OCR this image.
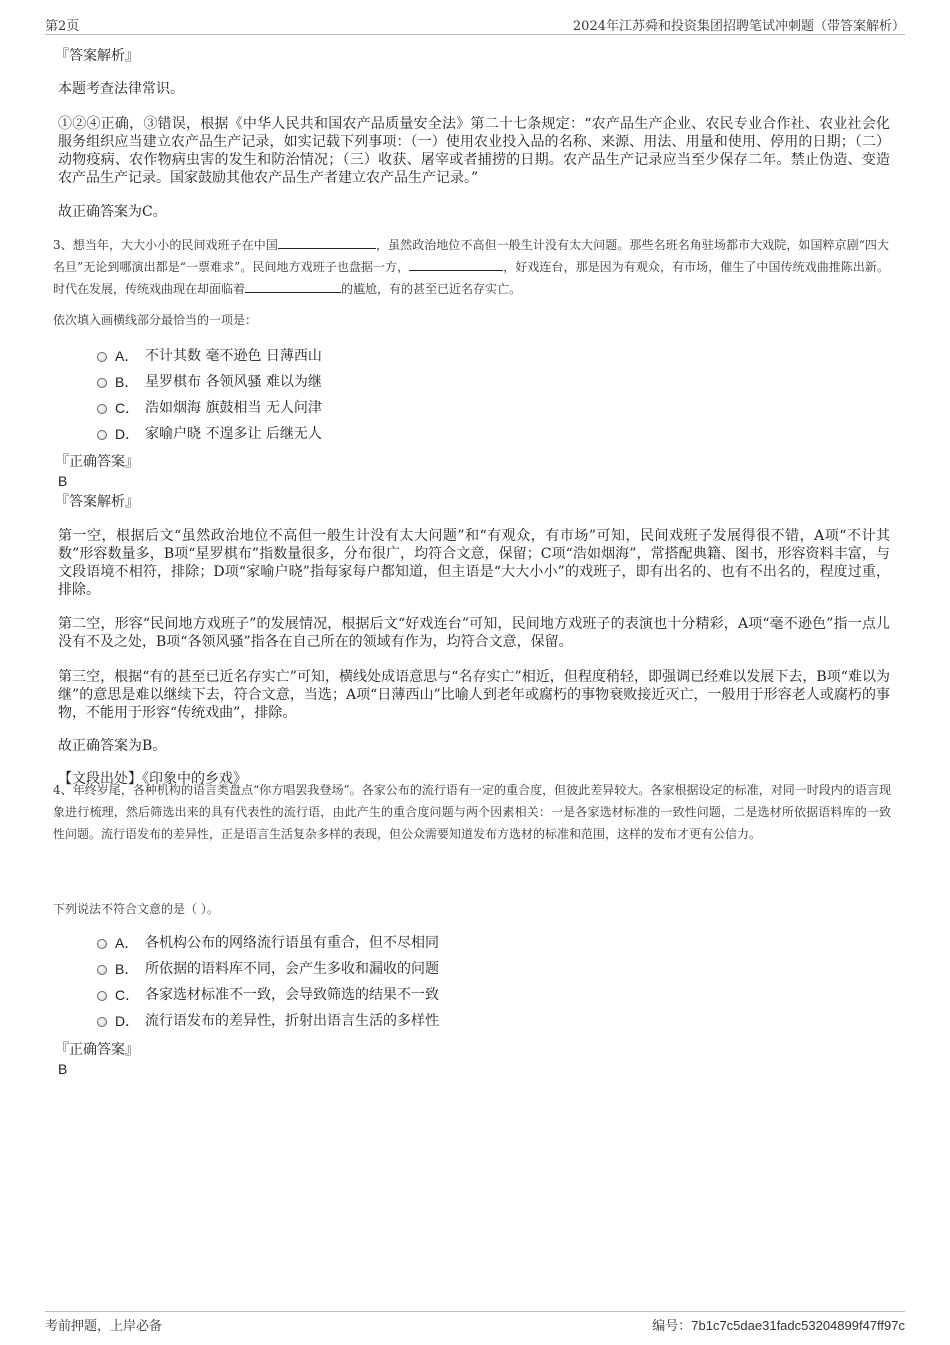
第2页	2024年江苏舜和投资集团招聘笔试冲刺题（带答案解析）
『答案解析』

本题考查法律常识。

①②④正确，③错误，根据《中华人民共和国农产品质量安全法》第二十七条规定：“农产品生产企业、农民专业合作社、农业社会化服务组织应当建立农产品生产记录，如实记载下列事项：（一）使用农业投入品的名称、来源、用法、用量和使用、停用的日期；（二）动物疫病、农作物病虫害的发生和防治情况；（三）收获、屠宰或者捕捞的日期。农产品生产记录应当至少保存二年。禁止伪造、变造农产品生产记录。国家鼓励其他农产品生产者建立农产品生产记录。”

故正确答案为C。

3、想当年，大大小小的民间戏班子在中国	，虽然政治地位不高但一般生计没有太大问题。那些名班名角驻场都市大戏院，如国粹京剧“四大名旦”无论到哪演出都是“一票难求”。民间地方戏班子也盘据一方，	，好戏连台，那是因为有观众，有市场，催生了中国传统戏曲推陈出新。时代在发展，传统戏曲现在却面临着	的尴尬，有的甚至已近名存实亡。

依次填入画横线部分最恰当的一项是：

A． 不计其数 毫不逊色 日薄西山
B． 星罗棋布 各领风骚 难以为继
C． 浩如烟海 旗鼓相当 无人问津
D． 家喻户晓 不遑多让 后继无人
『正确答案』
B
『答案解析』

第一空，根据后文“虽然政治地位不高但一般生计没有太大问题”和“有观众，有市场”可知，民间戏班子发展得很不错，A项“不计其数”形容数量多，B项“星罗棋布”指数量很多，分布很广，均符合文意，保留；C项“浩如烟海”，常搭配典籍、图书，形容资料丰富，与文段语境不相符，排除；D项“家喻户晓”指每家每户都知道，但主语是“大大小小”的戏班子，即有出名的、也有不出名的，程度过重，排除。

第二空，形容“民间地方戏班子”的发展情况，根据后文“好戏连台”可知，民间地方戏班子的表演也十分精彩，A项“毫不逊色”指一点儿没有不及之处，B项“各领风骚”指各在自己所在的领域有作为，均符合文意，保留。

第三空，根据“有的甚至已近名存实亡”可知，横线处成语意思与“名存实亡”相近，但程度稍轻，即强调已经难以发展下去，B项“难以为继”的意思是难以继续下去，符合文意，当选；A项“日薄西山”比喻人到老年或腐朽的事物衰败接近灭亡，一般用于形容老人或腐朽的事物，不能用于形容“传统戏曲”，排除。

故正确答案为B。

【文段出处】《印象中的乡戏》

4、年终岁尾，各种机构的语言类盘点“你方唱罢我登场”。各家公布的流行语有一定的重合度，但彼此差异较大。各家根据设定的标准，对同一时段内的语言现象进行梳理，然后筛选出来的具有代表性的流行语，由此产生的重合度问题与两个因素相关：一是各家选材标准的一致性问题，二是选材所依据语料库的一致性问题。流行语发布的差异性，正是语言生活复杂多样的表现，但公众需要知道发布方选材的标准和范围，这样的发布才更有公信力。

下列说法不符合文意的是（ ）。

A． 各机构公布的网络流行语虽有重合，但不尽相同
B． 所依据的语料库不同，会产生多收和漏收的问题
C． 各家选材标准不一致，会导致筛选的结果不一致
D． 流行语发布的差异性，折射出语言生活的多样性
『正确答案』
B
考前押题，上岸必备	编号：7b1c7c5dae31fadc53204899f47ff97c
